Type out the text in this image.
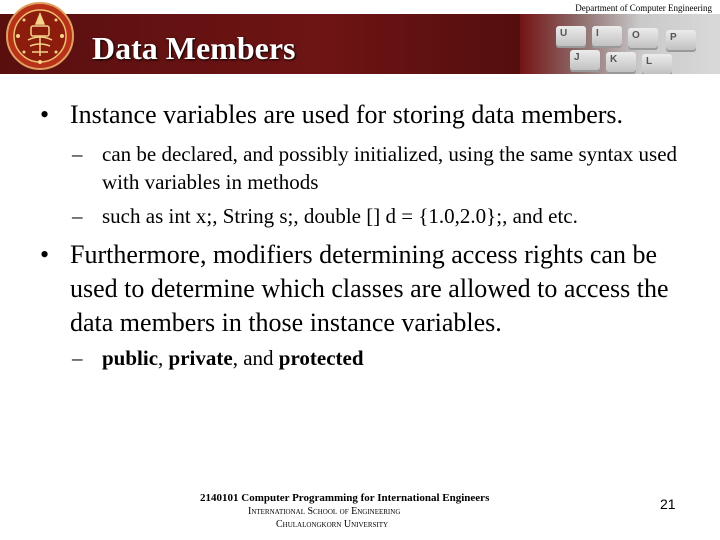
U	I	O	P
J	K	L
Department of Computer Engineering
Data Members
• Instance variables are used for storing data members.
– can be declared, and possibly initialized, using the same syntax used with variables in methods
– such as int x;, String s;, double [] d = {1.0,2.0};, and etc.
• Furthermore, modifiers determining access rights can be used to determine which classes are allowed to access the data members in those instance variables.
– public, private, and protected
2140101 Computer Programming for International Engineers
International School of Engineering
Chulalongkorn University
21
